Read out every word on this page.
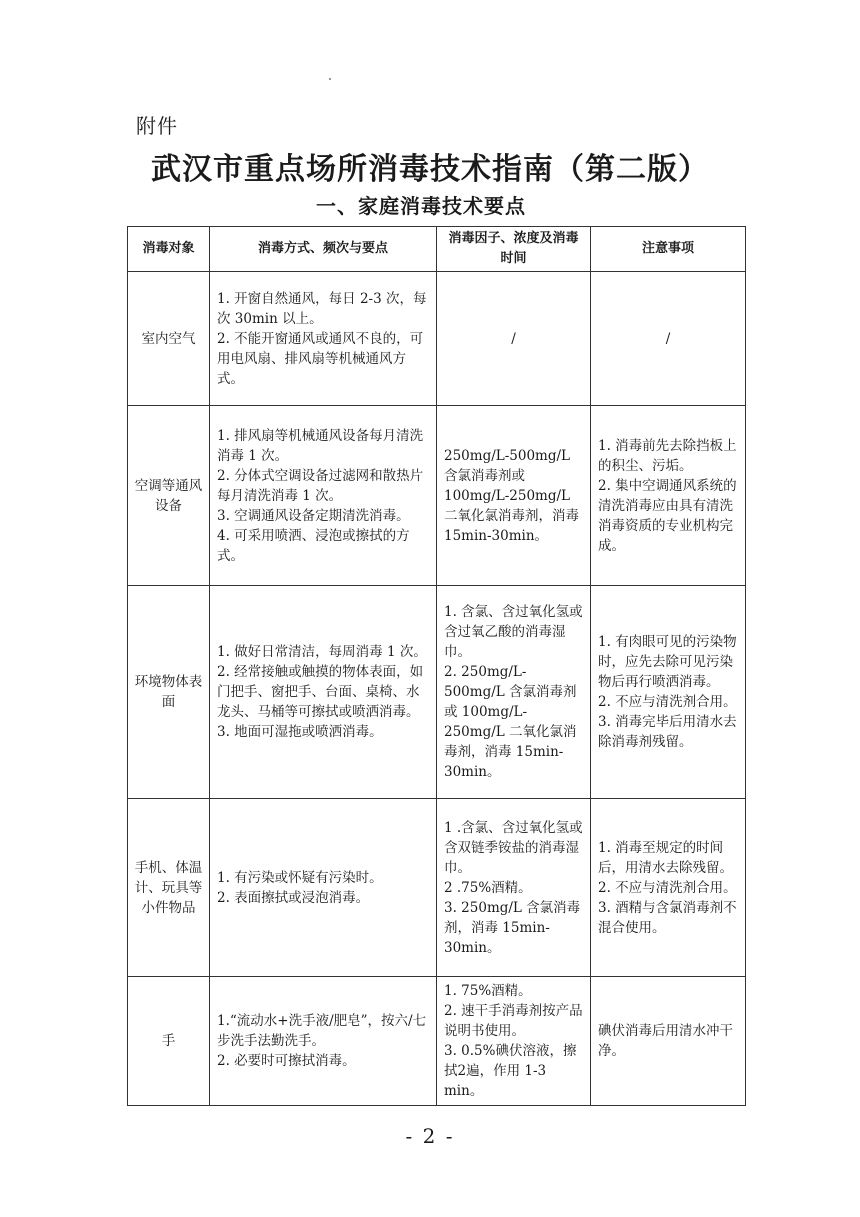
附件
武汉市重点场所消毒技术指南（第二版）
一、家庭消毒技术要点
消毒对象	消毒方式、频次与要点	消毒因子、浓度及消毒时间	注意事项
室内空气	1. 开窗自然通风，每日 2-3 次，每次 30min 以上。
2. 不能开窗通风或通风不良的，可用电风扇、排风扇等机械通风方式。	/	/
空调等通风设备	1. 排风扇等机械通风设备每月清洗消毒 1 次。
2. 分体式空调设备过滤网和散热片每月清洗消毒 1 次。
3. 空调通风设备定期清洗消毒。
4. 可采用喷洒、浸泡或擦拭的方式。	250mg/L-500mg/L 含氯消毒剂或 100mg/L-250mg/L 二氧化氯消毒剂，消毒 15min-30min。	1. 消毒前先去除挡板上的积尘、污垢。
2. 集中空调通风系统的清洗消毒应由具有清洗消毒资质的专业机构完成。

环境物体表面	1. 做好日常清洁，每周消毒 1 次。
2. 经常接触或触摸的物体表面，如门把手、窗把手、台面、桌椅、水龙头、马桶等可擦拭或喷洒消毒。
3. 地面可湿拖或喷洒消毒。	1. 含氯、含过氧化氢或含过氧乙酸的消毒湿巾。
2. 250mg/L-500mg/L 含氯消毒剂或 100mg/L-250mg/L 二氧化氯消毒剂，消毒 15min-30min。	1. 有肉眼可见的污染物时，应先去除可见污染物后再行喷洒消毒。
2. 不应与清洗剂合用。
3. 消毒完毕后用清水去除消毒剂残留。

手机、体温计、玩具等小件物品	1. 有污染或怀疑有污染时。
2. 表面擦拭或浸泡消毒。	1 .含氯、含过氧化氢或含双链季铵盐的消毒湿巾。
2 .75%酒精。
3. 250mg/L 含氯消毒剂，消毒 15min-30min。	1. 消毒至规定的时间后，用清水去除残留。
2. 不应与清洗剂合用。
3. 酒精与含氯消毒剂不混合使用。

手	1.“流动水+洗手液/肥皂”，按六/七步洗手法勤洗手。
2. 必要时可擦拭消毒。	1. 75%酒精。
2. 速干手消毒剂按产品说明书使用。
3. 0.5%碘伏溶液，擦拭2遍，作用 1-3 min。	碘伏消毒后用清水冲干净。
- 2 -
